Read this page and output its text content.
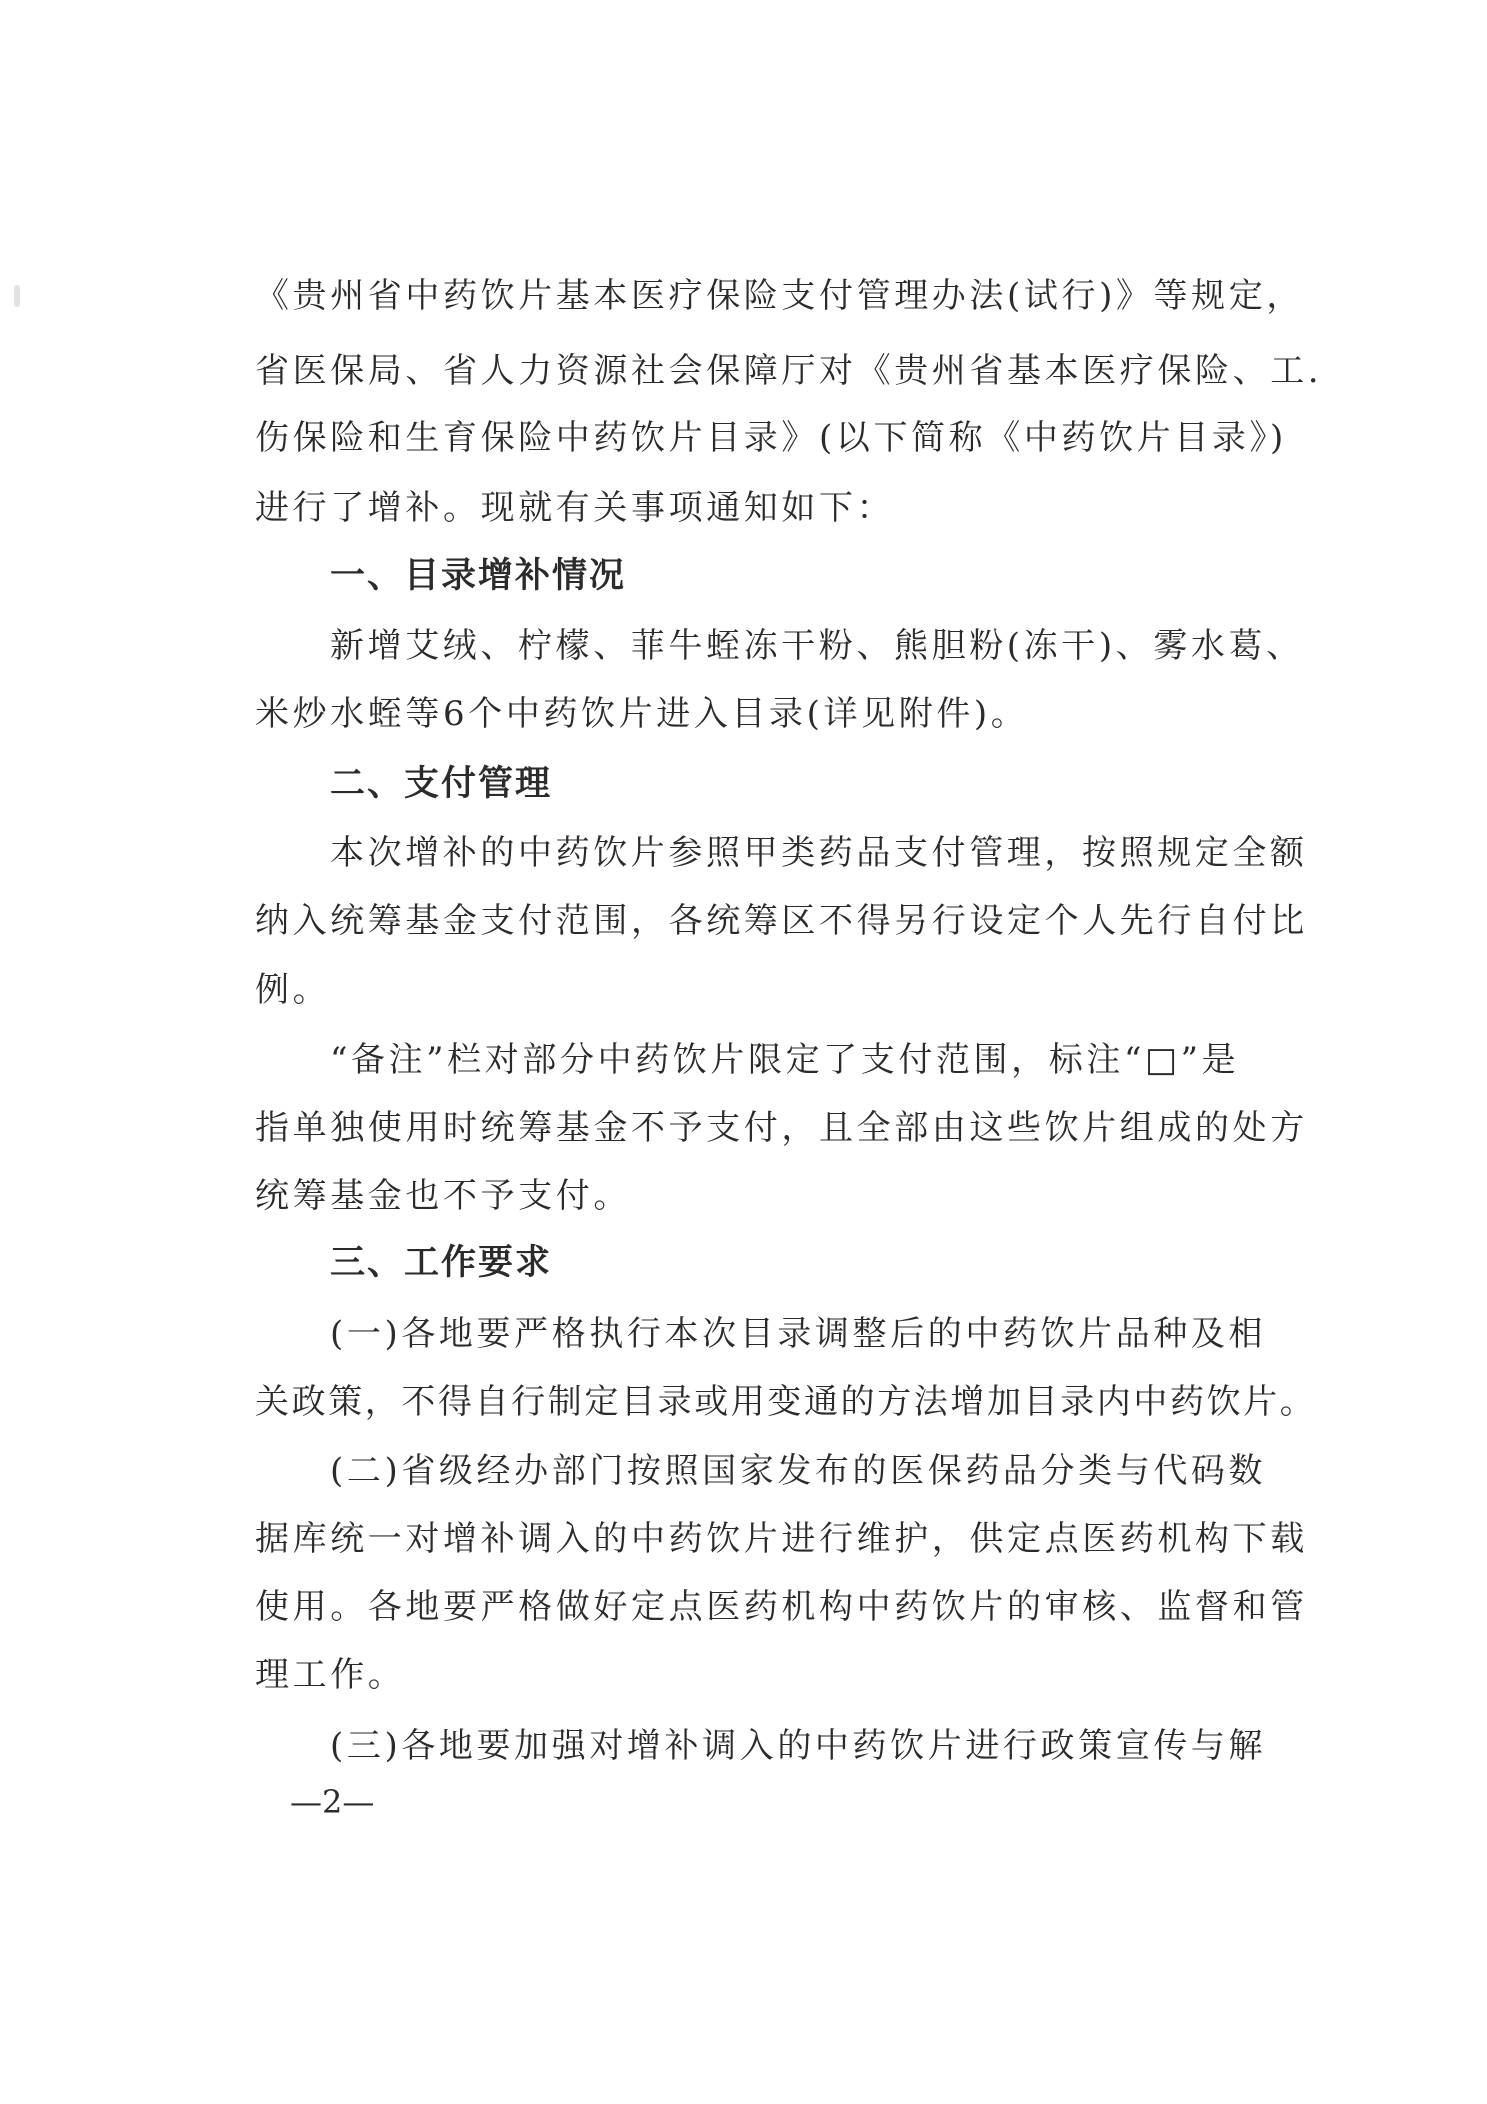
《贵州省中药饮片基本医疗保险支付管理办法(试行)》等规定，
省医保局、省人力资源社会保障厅对《贵州省基本医疗保险、工.
伤保险和生育保险中药饮片目录》(以下简称《中药饮片目录》)
进行了增补。现就有关事项通知如下：
一、目录增补情况
新增艾绒、柠檬、菲牛蛭冻干粉、熊胆粉(冻干)、雾水葛、
米炒水蛭等6个中药饮片进入目录(详见附件)。
二、支付管理
本次增补的中药饮片参照甲类药品支付管理，按照规定全额
纳入统筹基金支付范围，各统筹区不得另行设定个人先行自付比
例。
“备注”栏对部分中药饮片限定了支付范围，标注“□”是
指单独使用时统筹基金不予支付，且全部由这些饮片组成的处方
统筹基金也不予支付。
三、工作要求
(一)各地要严格执行本次目录调整后的中药饮片品种及相
关政策，不得自行制定目录或用变通的方法增加目录内中药饮片。
(二)省级经办部门按照国家发布的医保药品分类与代码数
据库统一对增补调入的中药饮片进行维护，供定点医药机构下载
使用。各地要严格做好定点医药机构中药饮片的审核、监督和管
理工作。
(三)各地要加强对增补调入的中药饮片进行政策宣传与解
—2—
